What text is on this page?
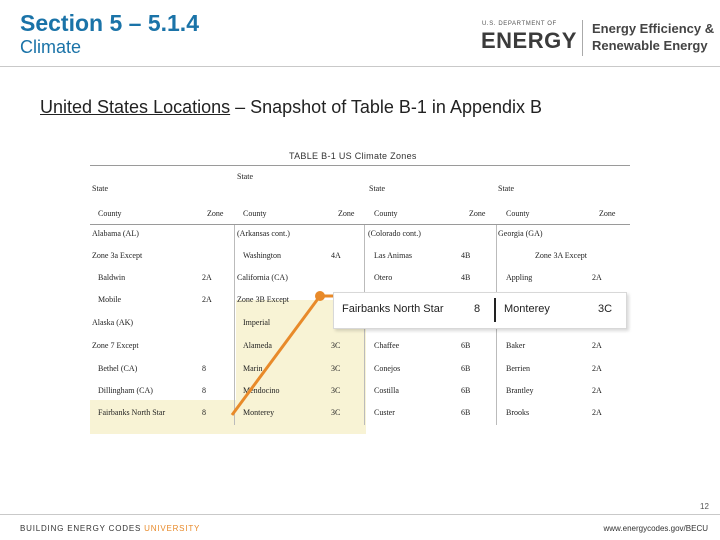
Section 5 – 5.1.4
Climate
U.S. DEPARTMENT OF
ENERGY Energy Efficiency &
Renewable Energy
United States Locations – Snapshot of Table B-1 in Appendix B
TABLE B-1 US Climate Zones
State
State	State	State
County	Zone County	Zone County	Zone	County	Zone
Alabama (AL)
Zone 3a Except
Baldwin	2A
Mobile	2A
Alaska (AK)
Zone 7 Except
Bethel (CA)	8
Dillingham (CA)	8
Fairbanks North Star	8
(Arkansas cont.)
Washington	4A
California (CA)
Zone 3B Except
Imperial
Alameda	3C
Marin	3C
Mendocino	3C
Monterey	3C
(Colorado cont.)
Las Animas	4B
Otero	4B
Chaffee	6B
Conejos	6B
Costilla	6B
Custer	6B
Georgia (GA)
Zone 3A Except
Appling	2A
Baker	2A
Berrien	2A
Brantley	2A
Brooks	2A
Fairbanks North Star	8 Monterey	3C
12
BUILDING ENERGY CODES UNIVERSITY	www.energycodes.gov/BECU
